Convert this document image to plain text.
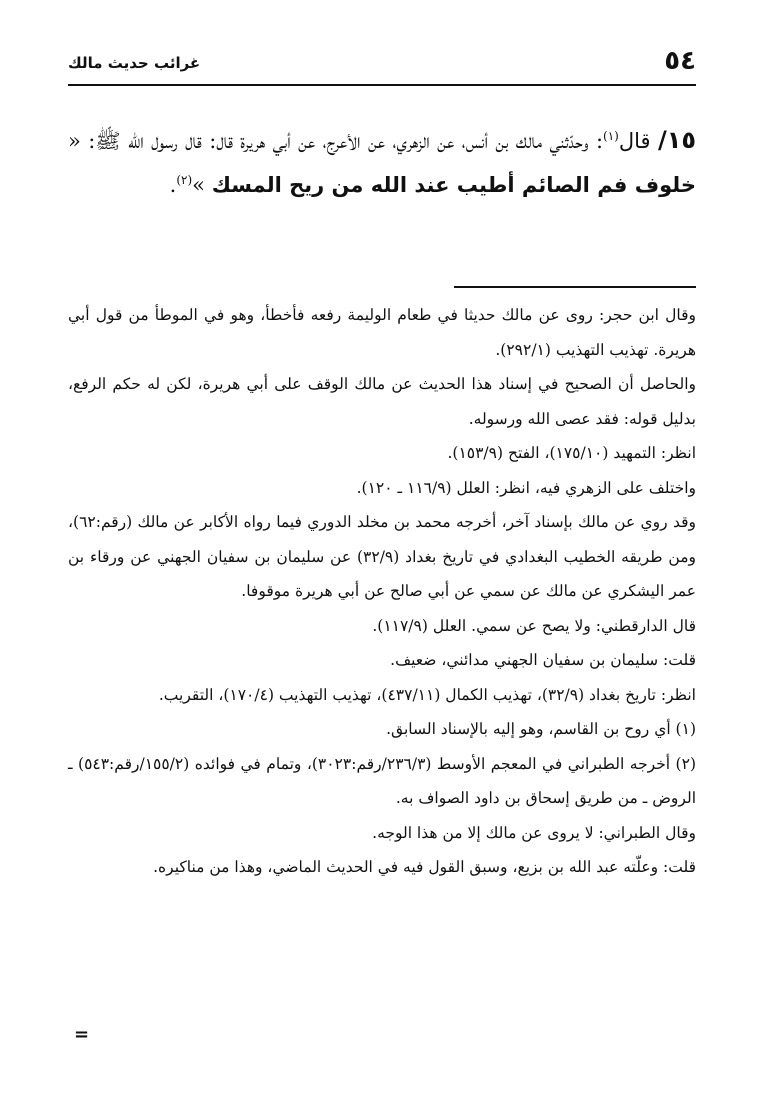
٥٤
غرائب حديث مالك
١٥/ قال$^{(١)}$: وحدّثني مالك بن أنس، عن الزهري، عن الأعرج، عن أبي هريرة قال: قال رسول الله ﷺ: « خلوف فم الصائم أطيب عند الله من ريح المسك »$^{(٢)}$.

وقال ابن حجر: روى عن مالك حديثا في طعام الوليمة رفعه فأخطأ، وهو في الموطأ من قول أبي هريرة. تهذيب التهذيب (٢٩٢/١).

والحاصل أن الصحيح في إسناد هذا الحديث عن مالك الوقف على أبي هريرة، لكن له حكم الرفع، بدليل قوله: فقد عصى الله ورسوله.

انظر: التمهيد (١٧٥/١٠)، الفتح (١٥٣/٩).

واختلف على الزهري فيه، انظر: العلل (١١٦/٩ ـ ١٢٠).

وقد روي عن مالك بإسناد آخر، أخرجه محمد بن مخلد الدوري فيما رواه الأكابر عن مالك (رقم:٦٢)، ومن طريقه الخطيب البغدادي في تاريخ بغداد (٣٢/٩) عن سليمان بن سفيان الجهني عن ورقاء بن عمر اليشكري عن مالك عن سمي عن أبي صالح عن أبي هريرة موقوفا.

قال الدارقطني: ولا يصح عن سمي. العلل (١١٧/٩).

قلت: سليمان بن سفيان الجهني مدائني، ضعيف.

انظر: تاريخ بغداد (٣٢/٩)، تهذيب الكمال (٤٣٧/١١)، تهذيب التهذيب (١٧٠/٤)، التقريب.

(١) أي روح بن القاسم، وهو إليه بالإسناد السابق.

(٢) أخرجه الطبراني في المعجم الأوسط (٢٣٦/٣/رقم:٣٠٢٣)، وتمام في فوائده (١٥٥/٢/رقم:٥٤٣) ـ الروض ـ من طريق إسحاق بن داود الصواف به.

وقال الطبراني: لا يروى عن مالك إلا من هذا الوجه.

قلت: وعلّته عبد الله بن بزيع، وسبق القول فيه في الحديث الماضي، وهذا من مناكيره.

=
